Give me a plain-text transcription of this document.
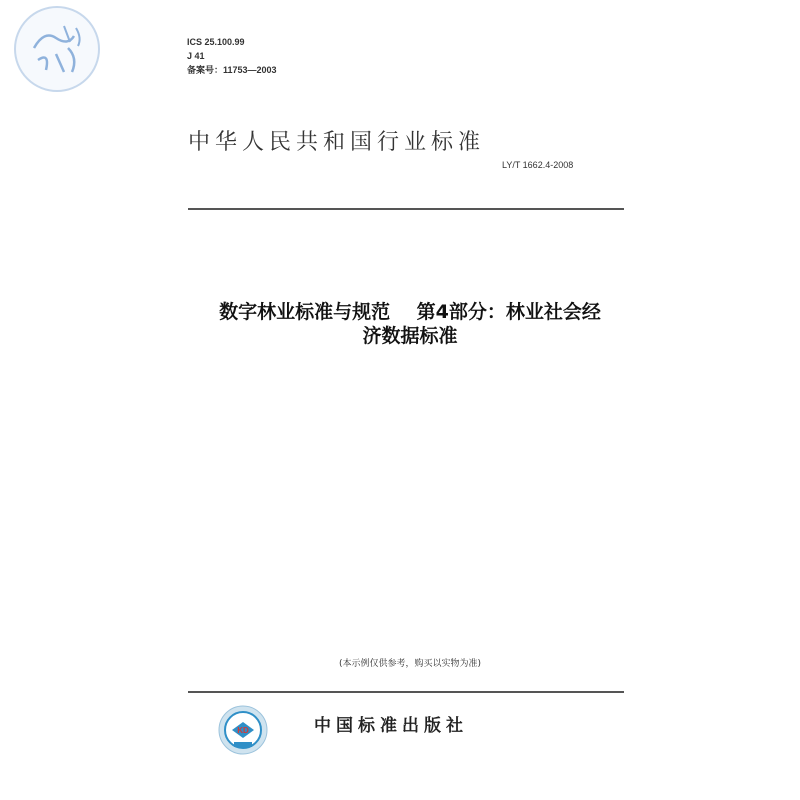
ICS 25.100.99
J 41
备案号：11753—2003
中华人民共和国行业标准
LY/T 1662.4-2008
数字林业标准与规范    第4部分：林业社会经
济数据标准
(本示例仅供参考，购买以实物为准)
KD	中国标准出版社
